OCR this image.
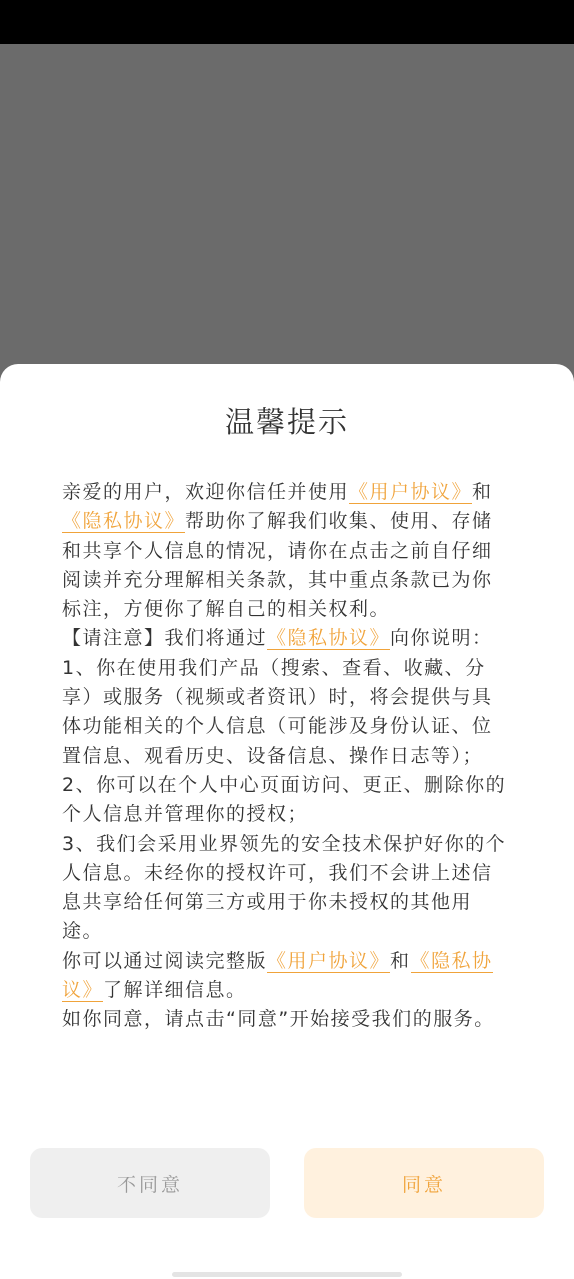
温馨提示

亲爱的用户，欢迎你信任并使用《用户协议》和《隐私协议》帮助你了解我们收集、使用、存储和共享个人信息的情况，请你在点击之前自仔细阅读并充分理解相关条款，其中重点条款已为你标注，方便你了解自己的相关权利。

【请注意】我们将通过《隐私协议》向你说明：

1、你在使用我们产品（搜索、查看、收藏、分享）或服务（视频或者资讯）时，将会提供与具体功能相关的个人信息（可能涉及身份认证、位置信息、观看历史、设备信息、操作日志等）；

2、你可以在个人中心页面访问、更正、删除你的个人信息并管理你的授权；

3、我们会采用业界领先的安全技术保护好你的个人信息。未经你的授权许可，我们不会讲上述信息共享给任何第三方或用于你未授权的其他用途。

你可以通过阅读完整版《用户协议》和《隐私协议》了解详细信息。

如你同意，请点击“同意”开始接受我们的服务。

不同意	同意
